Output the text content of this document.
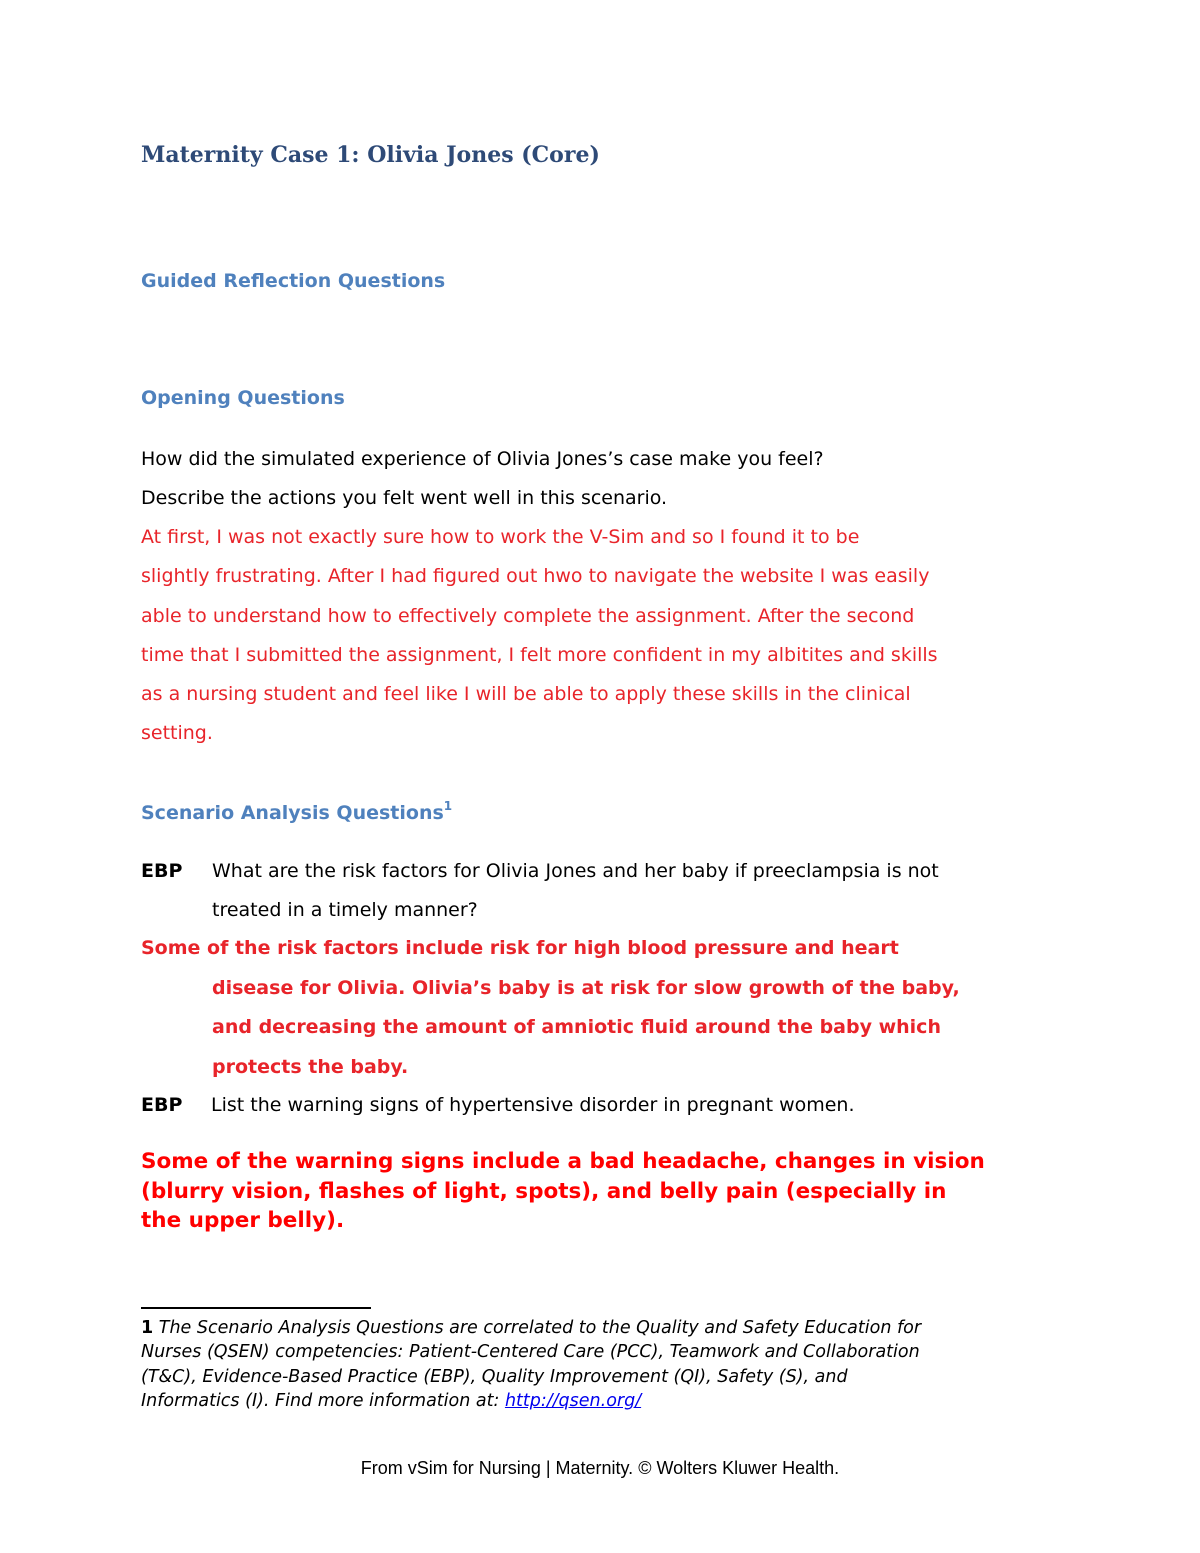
Maternity Case 1: Olivia Jones (Core)
Guided Reflection Questions
Opening Questions

How did the simulated experience of Olivia Jones’s case make you feel?

Describe the actions you felt went well in this scenario.

At first, I was not exactly sure how to work the V-Sim and so I found it to be
slightly frustrating. After I had figured out hwo to navigate the website I was easily
able to understand how to effectively complete the assignment. After the second
time that I submitted the assignment, I felt more confident in my albitites and skills
as a nursing student and feel like I will be able to apply these skills in the clinical
setting.
Scenario Analysis Questions$^1$
EBP What are the risk factors for Olivia Jones and her baby if preeclampsia is not
treated in a timely manner?
Some of the risk factors include risk for high blood pressure and heart
disease for Olivia. Olivia’s baby is at risk for slow growth of the baby,
and decreasing the amount of amniotic fluid around the baby which
protects the baby.
EBP List the warning signs of hypertensive disorder in pregnant women.
Some of the warning signs include a bad headache, changes in vision
(blurry vision, flashes of light, spots), and belly pain (especially in
the upper belly).
1 The Scenario Analysis Questions are correlated to the Quality and Safety Education for
Nurses (QSEN) competencies: Patient-Centered Care (PCC), Teamwork and Collaboration
(T&C), Evidence-Based Practice (EBP), Quality Improvement (QI), Safety (S), and
Informatics (I). Find more information at: http://qsen.org/
From vSim for Nursing | Maternity. © Wolters Kluwer Health.
